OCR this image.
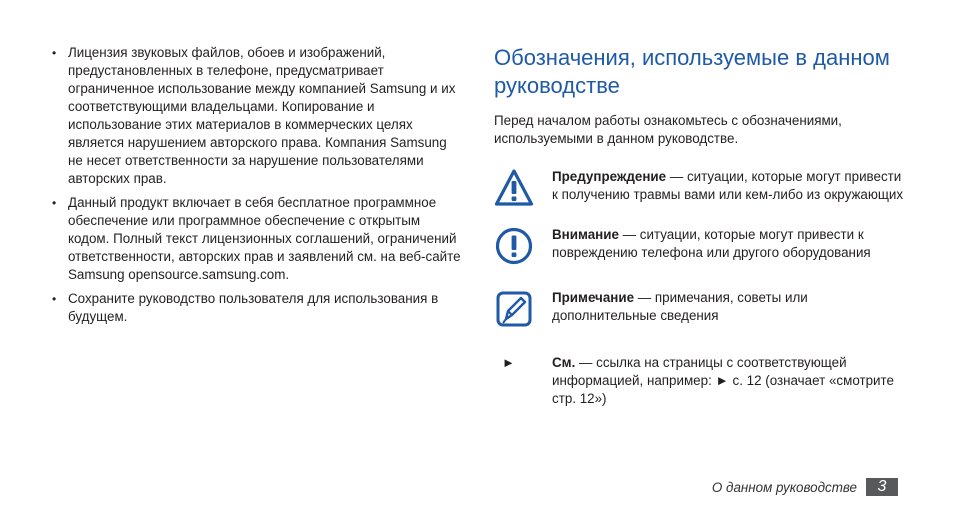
• Лицензия звуковых файлов, обоев и изображений, предустановленных в телефоне, предусматривает ограниченное использование между компанией Samsung и их соответствующими владельцами. Копирование и использование этих материалов в коммерческих целях является нарушением авторского права. Компания Samsung не несет ответственности за нарушение пользователями авторских прав.
• Данный продукт включает в себя бесплатное программное обеспечение или программное обеспечение с открытым кодом. Полный текст лицензионных соглашений, ограничений ответственности, авторских прав и заявлений см. на веб-сайте Samsung opensource.samsung.com.
• Сохраните руководство пользователя для использования в будущем.
Обозначения, используемые в данном руководстве

Перед началом работы ознакомьтесь с обозначениями, используемыми в данном руководстве.

Предупреждение — ситуации, которые могут привести к получению травмы вами или кем-либо из окружающих
Внимание — ситуации, которые могут привести к повреждению телефона или другого оборудования
Примечание — примечания, советы или дополнительные сведения
►	См. — ссылка на страницы с соответствующей информацией, например: ► с. 12 (означает «смотрите стр. 12»)
О данном руководстве	3
